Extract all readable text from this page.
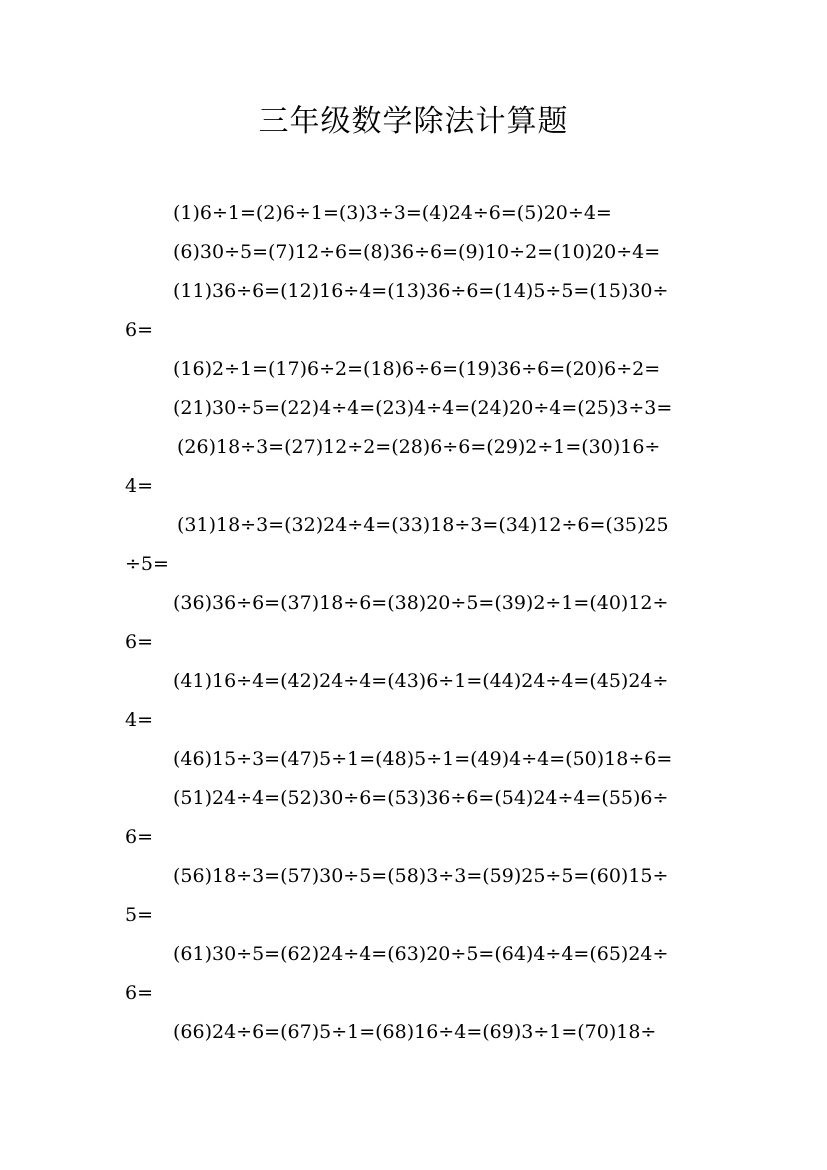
三年级数学除法计算题
(1)6÷1=(2)6÷1=(3)3÷3=(4)24÷6=(5)20÷4=
(6)30÷5=(7)12÷6=(8)36÷6=(9)10÷2=(10)20÷4=
(11)36÷6=(12)16÷4=(13)36÷6=(14)5÷5=(15)30÷
6=
(16)2÷1=(17)6÷2=(18)6÷6=(19)36÷6=(20)6÷2=
(21)30÷5=(22)4÷4=(23)4÷4=(24)20÷4=(25)3÷3=
(26)18÷3=(27)12÷2=(28)6÷6=(29)2÷1=(30)16÷
4=
(31)18÷3=(32)24÷4=(33)18÷3=(34)12÷6=(35)25
÷5=
(36)36÷6=(37)18÷6=(38)20÷5=(39)2÷1=(40)12÷
6=
(41)16÷4=(42)24÷4=(43)6÷1=(44)24÷4=(45)24÷
4=
(46)15÷3=(47)5÷1=(48)5÷1=(49)4÷4=(50)18÷6=
(51)24÷4=(52)30÷6=(53)36÷6=(54)24÷4=(55)6÷
6=
(56)18÷3=(57)30÷5=(58)3÷3=(59)25÷5=(60)15÷
5=
(61)30÷5=(62)24÷4=(63)20÷5=(64)4÷4=(65)24÷
6=
(66)24÷6=(67)5÷1=(68)16÷4=(69)3÷1=(70)18÷
